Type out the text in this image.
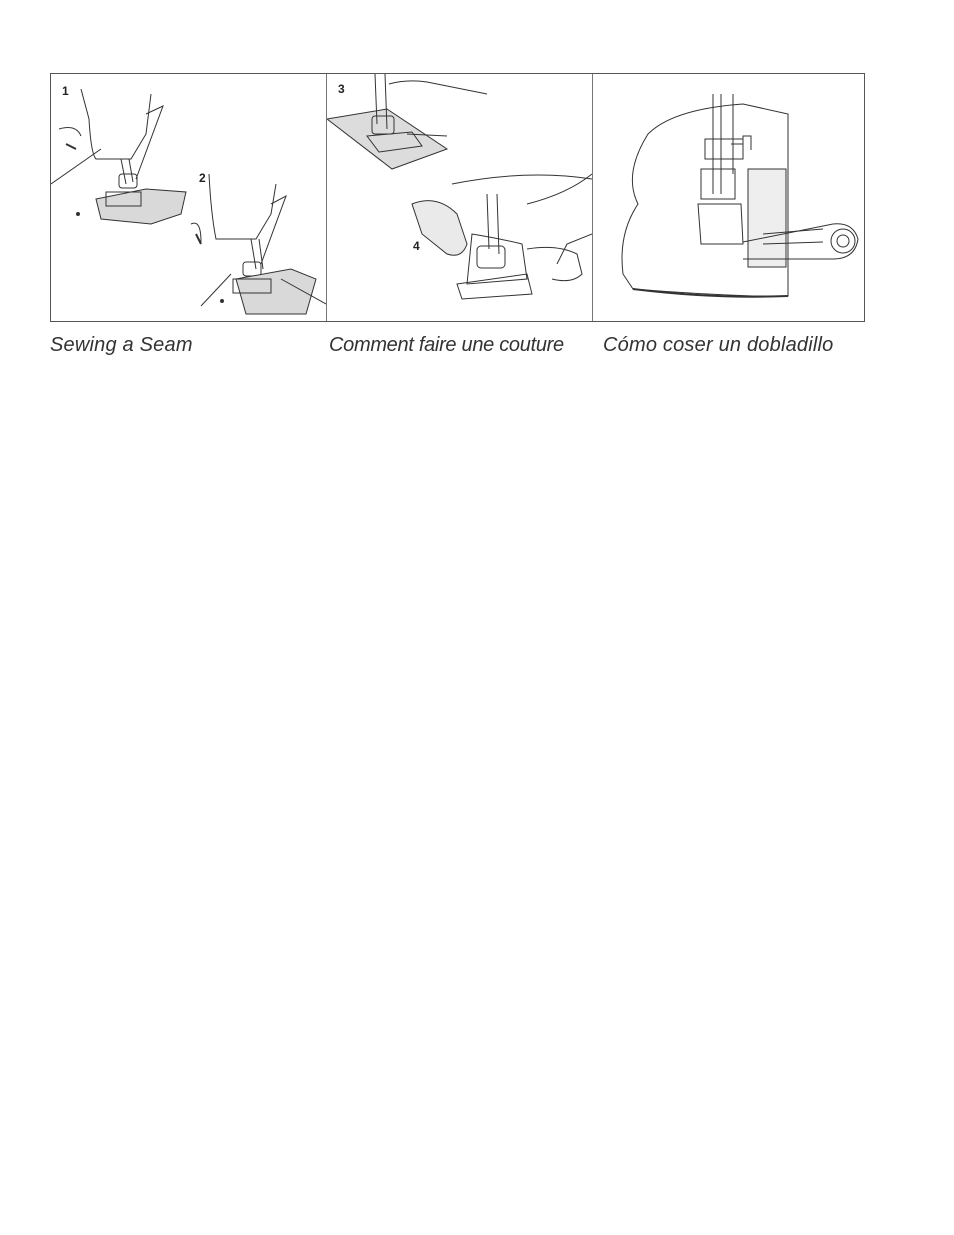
1
2
3
4
Sewing a Seam	Comment faire une couture Cómo coser un dobladillo
